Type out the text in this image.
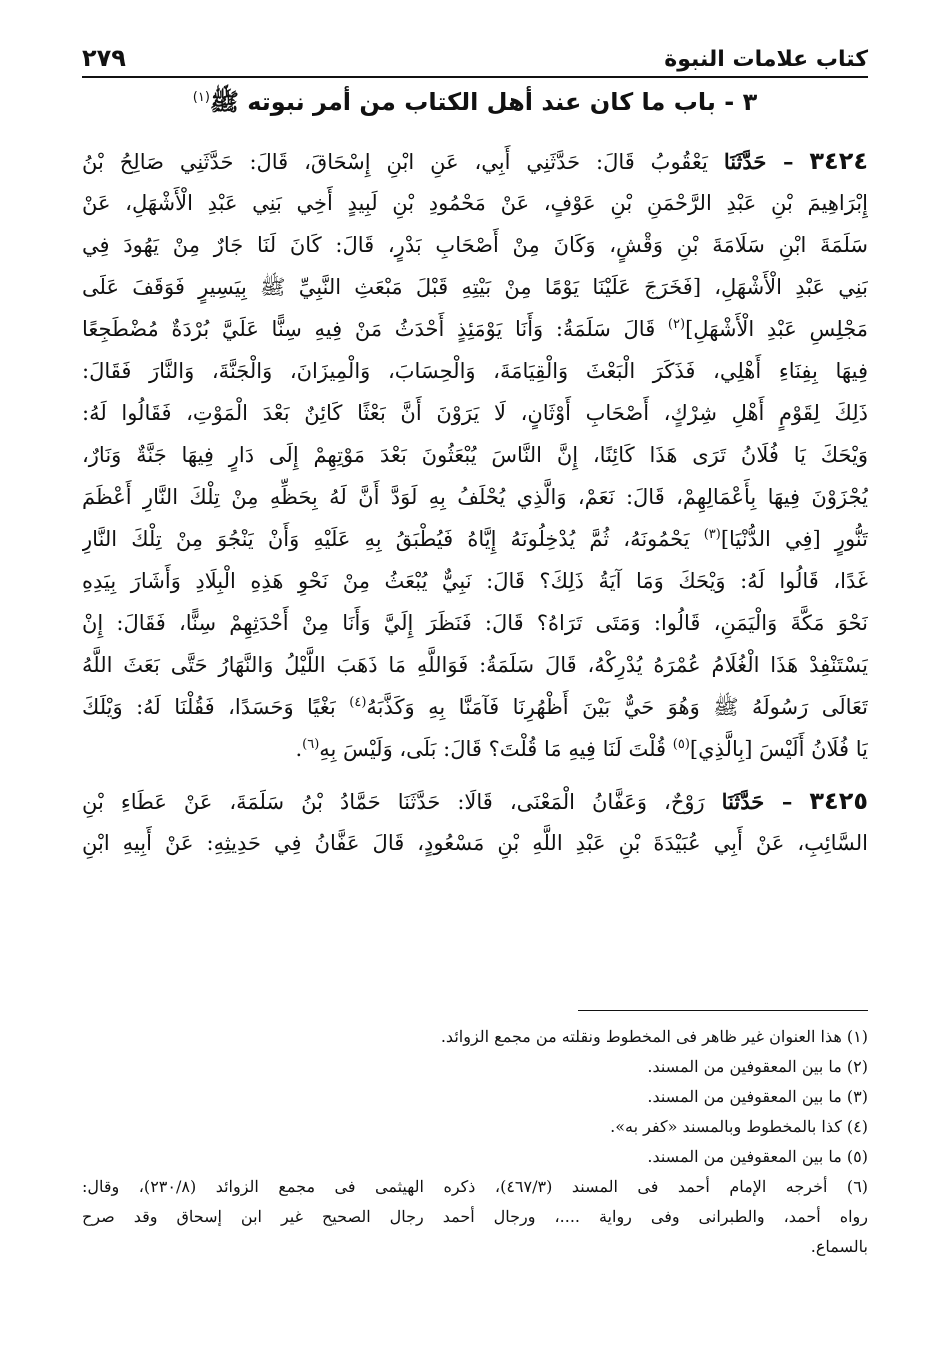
كتاب علامات النبوة
٢٧٩
٣ - باب ما كان عند أهل الكتاب من أمر نبوته ﷺ$^{(١)}$
٣٤٢٤ – حَدَّثَنَا يَعْقُوبُ قَالَ: حَدَّثَنِي أَبِي، عَنِ ابْنِ إِسْحَاقَ، قَالَ: حَدَّثَنِي صَالِحُ بْنُ
إِبْرَاهِيمَ بْنِ عَبْدِ الرَّحْمَنِ بْنِ عَوْفٍ، عَنْ مَحْمُودِ بْنِ لَبِيدٍ أَخِي بَنِي عَبْدِ الْأَشْهَلِ، عَنْ
سَلَمَةَ ابْنِ سَلَامَةَ بْنِ وَقْشٍ، وَكَانَ مِنْ أَصْحَابِ بَدْرٍ، قَالَ: كَانَ لَنَا جَارٌ مِنْ يَهُودَ فِي
بَنِي عَبْدِ الْأَشْهَلِ، [فَخَرَجَ عَلَيْنَا يَوْمًا مِنْ بَيْتِهِ قَبْلَ مَبْعَثِ النَّبِيِّ ﷺ بِيَسِيرٍ فَوَقَفَ عَلَى
مَجْلِسِ عَبْدِ الْأَشْهَلِ]$^{(٢)}$ قَالَ سَلَمَةُ: وَأَنَا يَوْمَئِذٍ أَحْدَثُ مَنْ فِيهِ سِنًّا عَلَيَّ بُرْدَةٌ مُضْطَجِعًا
فِيهَا بِفِنَاءِ أَهْلِي، فَذَكَرَ الْبَعْثَ وَالْقِيَامَةَ، وَالْحِسَابَ، وَالْمِيزَانَ، وَالْجَنَّةَ، وَالنَّارَ فَقَالَ:
ذَلِكَ لِقَوْمٍ أَهْلِ شِرْكٍ، أَصْحَابِ أَوْثَانٍ، لَا يَرَوْنَ أَنَّ بَعْثًا كَائِنٌ بَعْدَ الْمَوْتِ، فَقَالُوا لَهُ:
وَيْحَكَ يَا فُلَانُ تَرَى هَذَا كَائِنًا، إِنَّ النَّاسَ يُبْعَثُونَ بَعْدَ مَوْتِهِمْ إِلَى دَارٍ فِيهَا جَنَّةٌ وَنَارٌ،
يُجْزَوْنَ فِيهَا بِأَعْمَالِهِمْ، قَالَ: نَعَمْ، وَالَّذِي يُحْلَفُ بِهِ لَوَدَّ أَنَّ لَهُ بِحَظِّهِ مِنْ تِلْكَ النَّارِ أَعْظَمَ
تَنُّورٍ [فِي الدُّنْيَا]$^{(٣)}$ يَحْمُونَهُ، ثُمَّ يُدْخِلُونَهُ إِيَّاهُ فَيُطْبَقُ بِهِ عَلَيْهِ وَأَنْ يَنْجُوَ مِنْ تِلْكَ النَّارِ
غَدًا، قَالُوا لَهُ: وَيْحَكَ وَمَا آيَةُ ذَلِكَ؟ قَالَ: نَبِيٌّ يُبْعَثُ مِنْ نَحْوِ هَذِهِ الْبِلَادِ وَأَشَارَ بِيَدِهِ
نَحْوَ مَكَّةَ وَالْيَمَنِ، قَالُوا: وَمَتَى تَرَاهُ؟ قَالَ: فَنَظَرَ إِلَيَّ وَأَنَا مِنْ أَحْدَثِهِمْ سِنًّا، فَقَالَ: إِنْ
يَسْتَنْفِدْ هَذَا الْغُلَامُ عُمْرَهُ يُدْرِكْهُ، قَالَ سَلَمَةُ: فَوَاللَّهِ مَا ذَهَبَ اللَّيْلُ وَالنَّهَارُ حَتَّى بَعَثَ اللَّهُ
تَعَالَى رَسُولَهُ ﷺ وَهُوَ حَيٌّ بَيْنَ أَظْهُرِنَا فَآمَنَّا بِهِ وَكَذَّبَهُ$^{(٤)}$ بَغْيًا وَحَسَدًا، فَقُلْنَا لَهُ: وَيْلَكَ
يَا فُلَانُ أَلَيْسَ [بِالَّذِي]$^{(٥)}$ قُلْتَ لَنَا فِيهِ مَا قُلْتَ؟ قَالَ: بَلَى، وَلَيْسَ بِهِ$^{(٦)}$.
٣٤٢٥ – حَدَّثَنَا رَوْحٌ، وَعَفَّانُ الْمَعْنَى، قَالَا: حَدَّثَنَا حَمَّادُ بْنُ سَلَمَةَ، عَنْ عَطَاءِ بْنِ
السَّائِبِ، عَنْ أَبِي عُبَيْدَةَ بْنِ عَبْدِ اللَّهِ بْنِ مَسْعُودٍ، قَالَ عَفَّانُ فِي حَدِيثِهِ: عَنْ أَبِيهِ ابْنِ
(١) هذا العنوان غير ظاهر فى المخطوط ونقلته من مجمع الزوائد.
(٢) ما بين المعقوفين من المسند.
(٣) ما بين المعقوفين من المسند.
(٤) كذا بالمخطوط وبالمسند «كفر به».
(٥) ما بين المعقوفين من المسند.
(٦) أخرجه الإمام أحمد فى المسند (٤٦٧/٣)، ذكره الهيثمى فى مجمع الزوائد (٢٣٠/٨)، وقال:
رواه أحمد، والطبرانى وفى رواية ....، ورجال أحمد رجال الصحيح غير ابن إسحاق وقد صرح
بالسماع.
